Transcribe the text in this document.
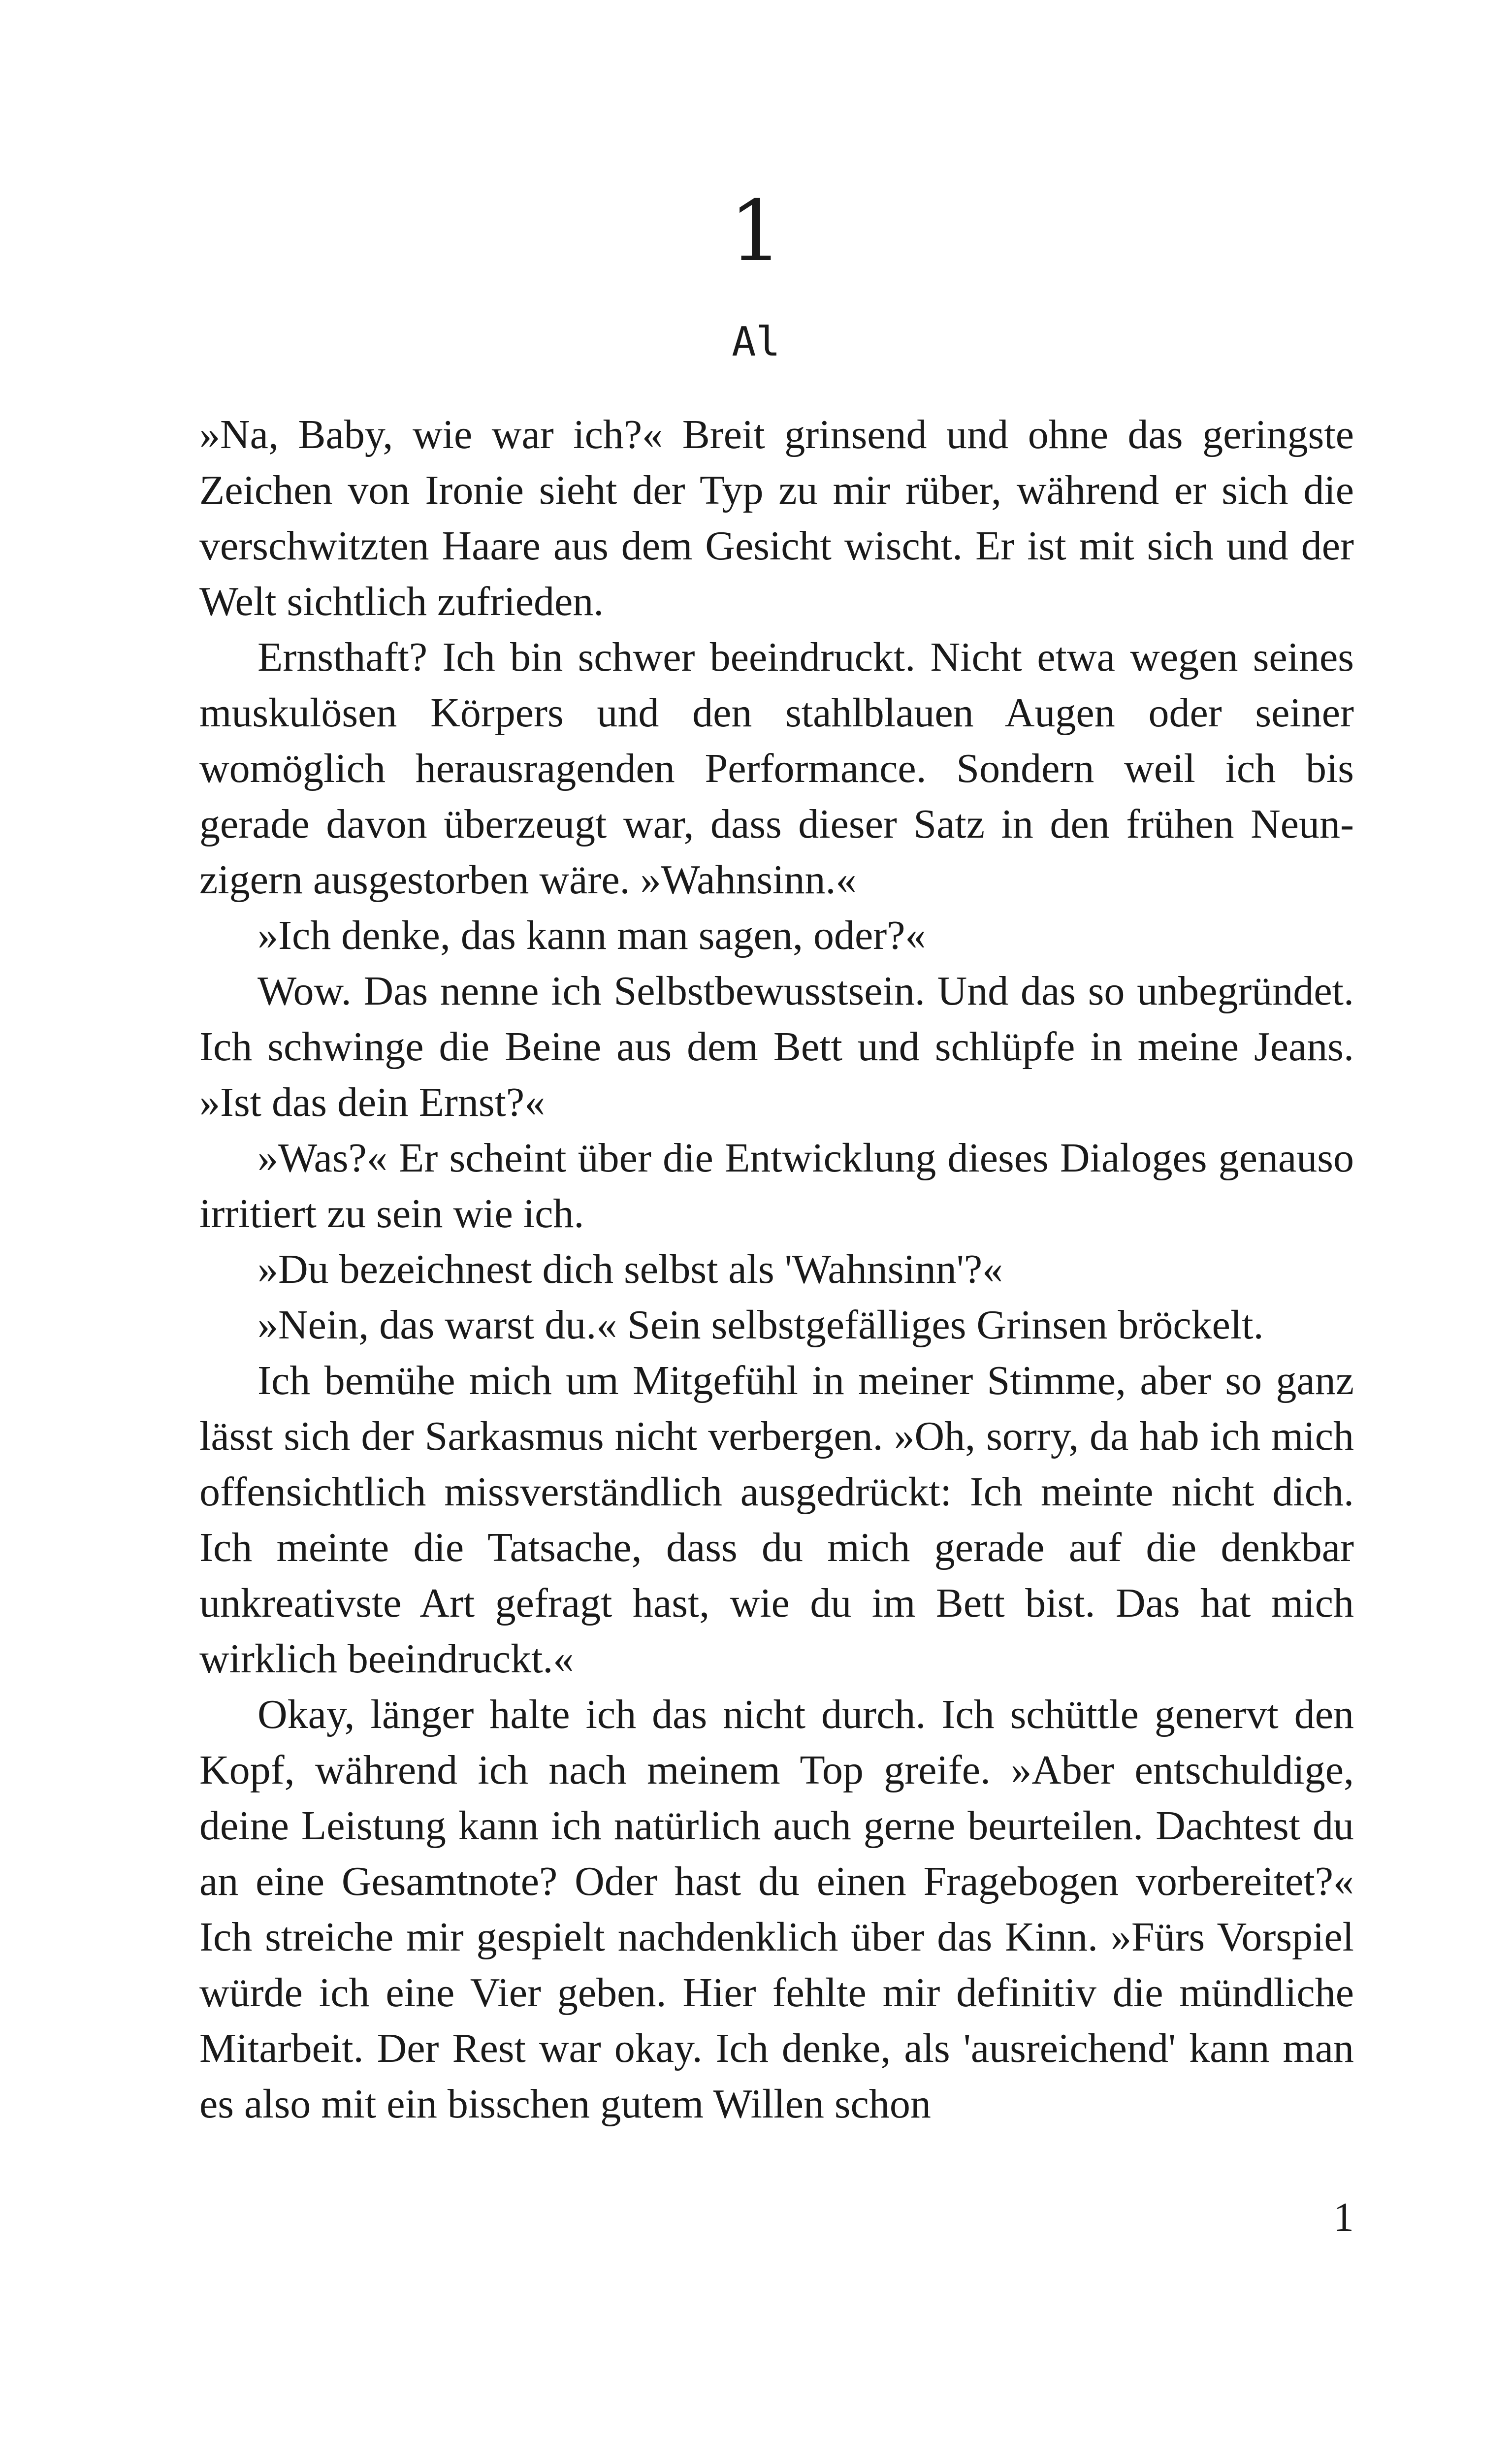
1
Al

»Na, Baby, wie war ich?« Breit grinsend und ohne das geringste Zeichen von Ironie sieht der Typ zu mir rüber, während er sich die verschwitzten Haare aus dem Gesicht wischt. Er ist mit sich und der Welt sichtlich zufrieden.

Ernsthaft? Ich bin schwer beeindruckt. Nicht etwa wegen seines muskulösen Körpers und den stahlblauen Augen oder seiner womöglich herausragenden Performance. Sondern weil ich bis gerade davon überzeugt war, dass dieser Satz in den frühen Neunzigern ausgestorben wäre. »Wahnsinn.«

»Ich denke, das kann man sagen, oder?«

Wow. Das nenne ich Selbstbewusstsein. Und das so unbegründet. Ich schwinge die Beine aus dem Bett und schlüpfe in meine Jeans. »Ist das dein Ernst?«

»Was?« Er scheint über die Entwicklung dieses Dialoges genauso irritiert zu sein wie ich.

»Du bezeichnest dich selbst als 'Wahnsinn'?«

»Nein, das warst du.« Sein selbstgefälliges Grinsen bröckelt.

Ich bemühe mich um Mitgefühl in meiner Stimme, aber so ganz lässt sich der Sarkasmus nicht verbergen. »Oh, sorry, da hab ich mich offensichtlich missverständlich ausgedrückt: Ich meinte nicht dich. Ich meinte die Tatsache, dass du mich gerade auf die denkbar unkreativste Art gefragt hast, wie du im Bett bist. Das hat mich wirklich beeindruckt.«

Okay, länger halte ich das nicht durch. Ich schüttle genervt den Kopf, während ich nach meinem Top greife. »Aber entschuldige, deine Leistung kann ich natürlich auch gerne beurteilen. Dachtest du an eine Gesamtnote? Oder hast du einen Fragebogen vorbereitet?« Ich streiche mir gespielt nachdenklich über das Kinn. »Fürs Vorspiel würde ich eine Vier geben. Hier fehlte mir definitiv die mündliche Mitarbeit. Der Rest war okay. Ich denke, als 'ausreichend' kann man es also mit ein bisschen gutem Willen schon

1
